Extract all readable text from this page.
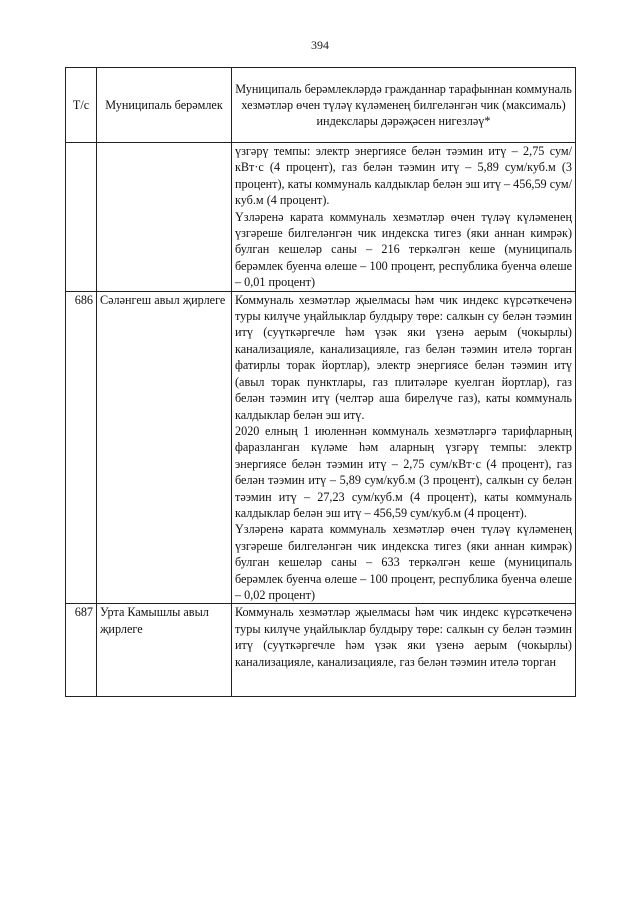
394
Т/с	Муниципаль берәмлек	Муниципаль берәмлекләрдә гражданнар тарафыннан коммуналь хезмәтләр өчен түләү күләменең билгеләнгән чик (максималь) индекслары дәрәҗәсен нигезләү*

		үзгәрү темпы: электр энергиясе белән тәэмин итү – 2,75 сум/кВт·с (4 процент), газ белән тәэмин итү – 5,89 сум/куб.м (3 процент), каты коммуналь калдыклар белән эш итү – 456,59 сум/куб.м (4 процент).
Үзләренә карата коммуналь хезмәтләр өчен түләү күләменең үзгәреше билгеләнгән чик индекска тигез (яки аннан кимрәк) булган кешеләр саны – 216 теркәлгән кеше (муниципаль берәмлек буенча өлеше – 100 процент, республика буенча өлеше – 0,01 процент)

686	Сәләнгеш авыл җирлеге	Коммуналь хезмәтләр җыелмасы һәм чик индекс күрсәткеченә туры килүче уңайлыклар булдыру төре: салкын су белән тәэмин итү (суүткәргечле һәм үзәк яки үзенә аерым (чокырлы) канализацияле, канализацияле, газ белән тәэмин ителә торган фатирлы торак йортлар), электр энергиясе белән тәэмин итү (авыл торак пунктлары, газ плитәләре куелган йортлар), газ белән тәэмин итү (челтәр аша бирелүче газ), каты коммуналь калдыклар белән эш итү.
2020 елның 1 июленнән коммуналь хезмәтләргә тарифларның фаразланган күләме һәм аларның үзгәрү темпы: электр энергиясе белән тәэмин итү – 2,75 сум/кВт·с (4 процент), газ белән тәэмин итү – 5,89 сум/куб.м (3 процент), салкын су белән тәэмин итү – 27,23 сум/куб.м (4 процент), каты коммуналь калдыклар белән эш итү – 456,59 сум/куб.м (4 процент).
Үзләренә карата коммуналь хезмәтләр өчен түләү күләменең үзгәреше билгеләнгән чик индекска тигез (яки аннан кимрәк) булган кешеләр саны – 633 теркәлгән кеше (муниципаль берәмлек буенча өлеше – 100 процент, республика буенча өлеше – 0,02 процент)

687	Урта Камышлы авыл җирлеге	Коммуналь хезмәтләр җыелмасы һәм чик индекс күрсәткеченә туры килүче уңайлыклар булдыру төре: салкын су белән тәэмин итү (суүткәргечле һәм үзәк яки үзенә аерым (чокырлы) канализацияле, канализацияле, газ белән тәэмин ителә торган
